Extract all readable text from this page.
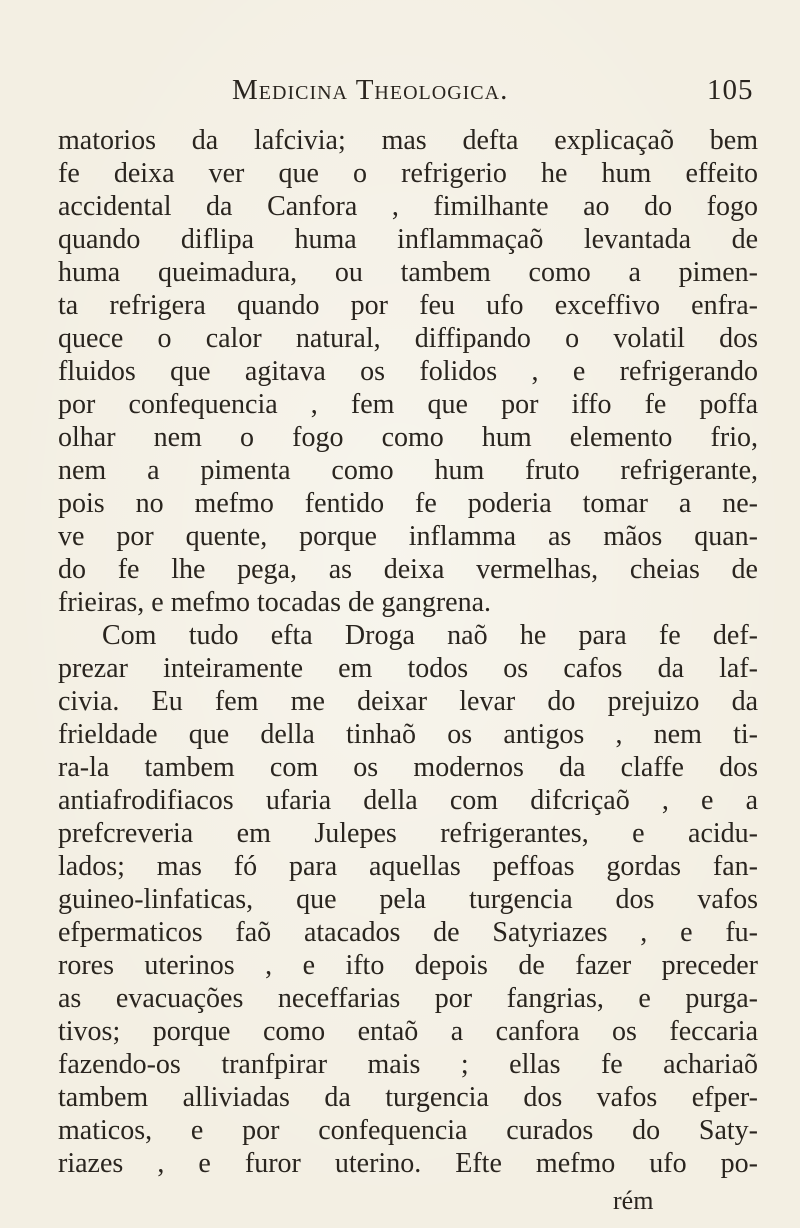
Medicina Theologica.	105
matorios da lafcivia; mas defta explicaçaõ bem
fe deixa ver que o refrigerio he hum effeito
accidental da Canfora , fimilhante ao do fogo
quando diflipa huma inflammaçaõ levantada de
huma queimadura, ou tambem como a pimen-
ta refrigera quando por feu ufo exceffivo enfra-
quece o calor natural, diffipando o volatil dos
fluidos que agitava os folidos , e refrigerando
por confequencia , fem que por iffo fe poffa
olhar nem o fogo como hum elemento frio,
nem a pimenta como hum fruto refrigerante,
pois no mefmo fentido fe poderia tomar a ne-
ve por quente, porque inflamma as mãos quan-
do fe lhe pega, as deixa vermelhas, cheias de
frieiras, e mefmo tocadas de gangrena.
Com tudo efta Droga naõ he para fe def-
prezar inteiramente em todos os cafos da laf-
civia. Eu fem me deixar levar do prejuizo da
frieldade que della tinhaõ os antigos , nem ti-
ra-la tambem com os modernos da claffe dos
antiafrodifiacos ufaria della com difcriçaõ , e a
prefcreveria em Julepes refrigerantes, e acidu-
lados; mas fó para aquellas peffoas gordas fan-
guineo-linfaticas, que pela turgencia dos vafos
efpermaticos faõ atacados de Satyriazes , e fu-
rores uterinos , e ifto depois de fazer preceder
as evacuações neceffarias por fangrias, e purga-
tivos; porque como entaõ a canfora os feccaria
fazendo-os tranfpirar mais ; ellas fe achariaõ
tambem alliviadas da turgencia dos vafos efper-
maticos, e por confequencia curados do Saty-
riazes , e furor uterino. Efte mefmo ufo po-
rém
